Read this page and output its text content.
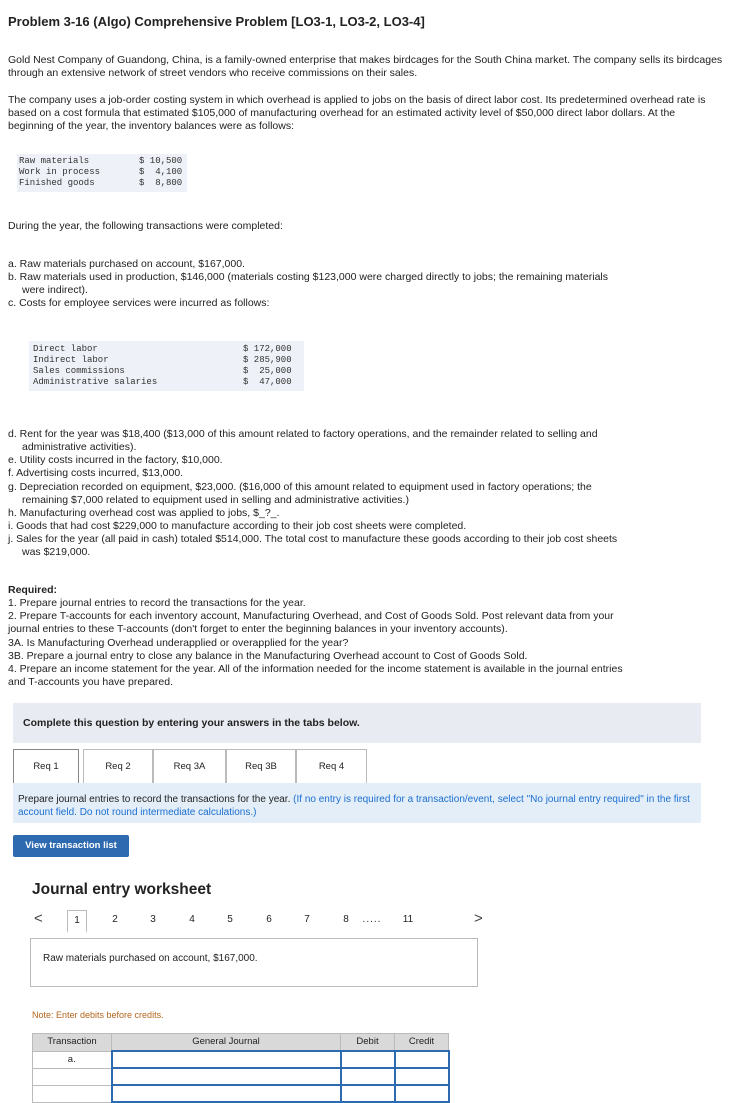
Problem 3-16 (Algo) Comprehensive Problem [LO3-1, LO3-2, LO3-4]
Gold Nest Company of Guandong, China, is a family-owned enterprise that makes birdcages for the South China market. The company sells its birdcages through an extensive network of street vendors who receive commissions on their sales.
The company uses a job-order costing system in which overhead is applied to jobs on the basis of direct labor cost. Its predetermined overhead rate is based on a cost formula that estimated $105,000 of manufacturing overhead for an estimated activity level of $50,000 direct labor dollars. At the beginning of the year, the inventory balances were as follows:
Raw materials	$ 10,500
Work in process	$  4,100
Finished goods	$  8,800
During the year, the following transactions were completed:
a. Raw materials purchased on account, $167,000.
b. Raw materials used in production, $146,000 (materials costing $123,000 were charged directly to jobs; the remaining materials
were indirect).
c. Costs for employee services were incurred as follows:
Direct labor	$ 172,000
Indirect labor	$ 285,900
Sales commissions	$  25,000
Administrative salaries	$  47,000
d. Rent for the year was $18,400 ($13,000 of this amount related to factory operations, and the remainder related to selling and
administrative activities).
e. Utility costs incurred in the factory, $10,000.
f. Advertising costs incurred, $13,000.
g. Depreciation recorded on equipment, $23,000. ($16,000 of this amount related to equipment used in factory operations; the
remaining $7,000 related to equipment used in selling and administrative activities.)
h. Manufacturing overhead cost was applied to jobs, $_?_.
i. Goods that had cost $229,000 to manufacture according to their job cost sheets were completed.
j. Sales for the year (all paid in cash) totaled $514,000. The total cost to manufacture these goods according to their job cost sheets
was $219,000.
Required:
1. Prepare journal entries to record the transactions for the year.
2. Prepare T-accounts for each inventory account, Manufacturing Overhead, and Cost of Goods Sold. Post relevant data from your
journal entries to these T-accounts (don't forget to enter the beginning balances in your inventory accounts).
3A. Is Manufacturing Overhead underapplied or overapplied for the year?
3B. Prepare a journal entry to close any balance in the Manufacturing Overhead account to Cost of Goods Sold.
4. Prepare an income statement for the year. All of the information needed for the income statement is available in the journal entries
and T-accounts you have prepared.
Complete this question by entering your answers in the tabs below.
Req 1	Req 2	Req 3A	Req 3B	Req 4
Prepare journal entries to record the transactions for the year. (If no entry is required for a transaction/event, select "No journal entry required" in the first account field. Do not round intermediate calculations.)
View transaction list
Journal entry worksheet
<	1	2	3	4	5	6	7	8	.....	11	>
Raw materials purchased on account, $167,000.
Note: Enter debits before credits.
Transaction	General Journal	Debit	Credit
a.			
